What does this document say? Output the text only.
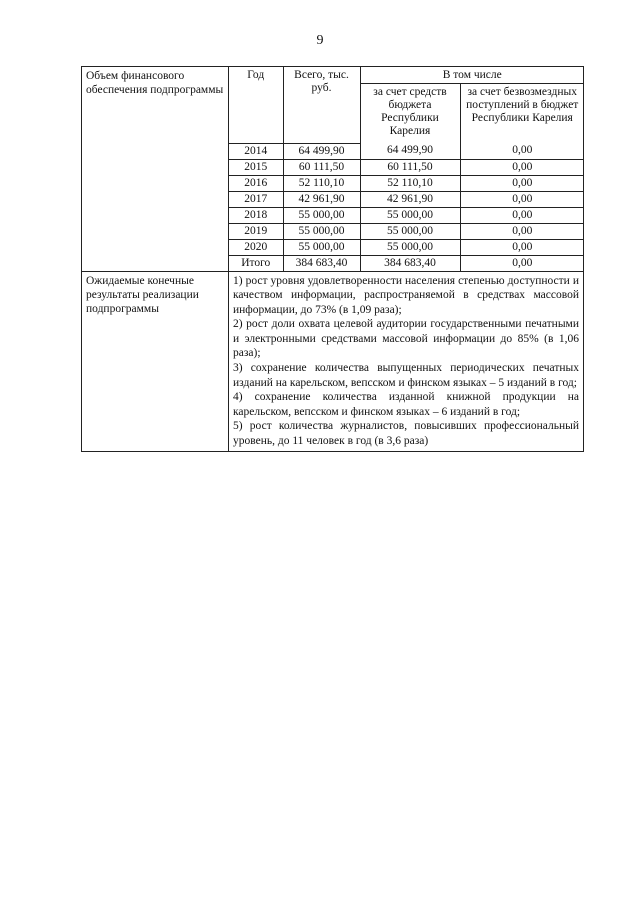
9
Объем финансового обеспечения подпрограммы	
Год	Всего, тыс. руб.	В том числе
за счет средств бюджета Республики Карелия	за счет безвозмездных поступлений в бюджет Республики Карелия
2014	64 499,90	64 499,90	0,00
2015	60 111,50	60 111,50	0,00
2016	52 110,10	52 110,10	0,00
2017	42 961,90	42 961,90	0,00
2018	55 000,00	55 000,00	0,00
2019	55 000,00	55 000,00	0,00
2020	55 000,00	55 000,00	0,00
Итого	384 683,40	384 683,40	0,00

Ожидаемые конечные результаты реализации подпрограммы	
1) рост уровня удовлетворенности населения степенью доступности и качеством информации, распространяемой в средствах массовой информации, до 73% (в 1,09 раза);
2) рост доли охвата целевой аудитории государственными печатными и электронными средствами массовой информации до 85% (в 1,06 раза);
3) сохранение количества выпущенных периодических печатных изданий на карельском, вепсском и финском языках – 5 изданий в год;
4) сохранение количества изданной книжной продукции на карельском, вепсском и финском языках – 6 изданий в год;
5) рост количества журналистов, повысивших профессиональный уровень, до 11 человек в год (в 3,6 раза)
